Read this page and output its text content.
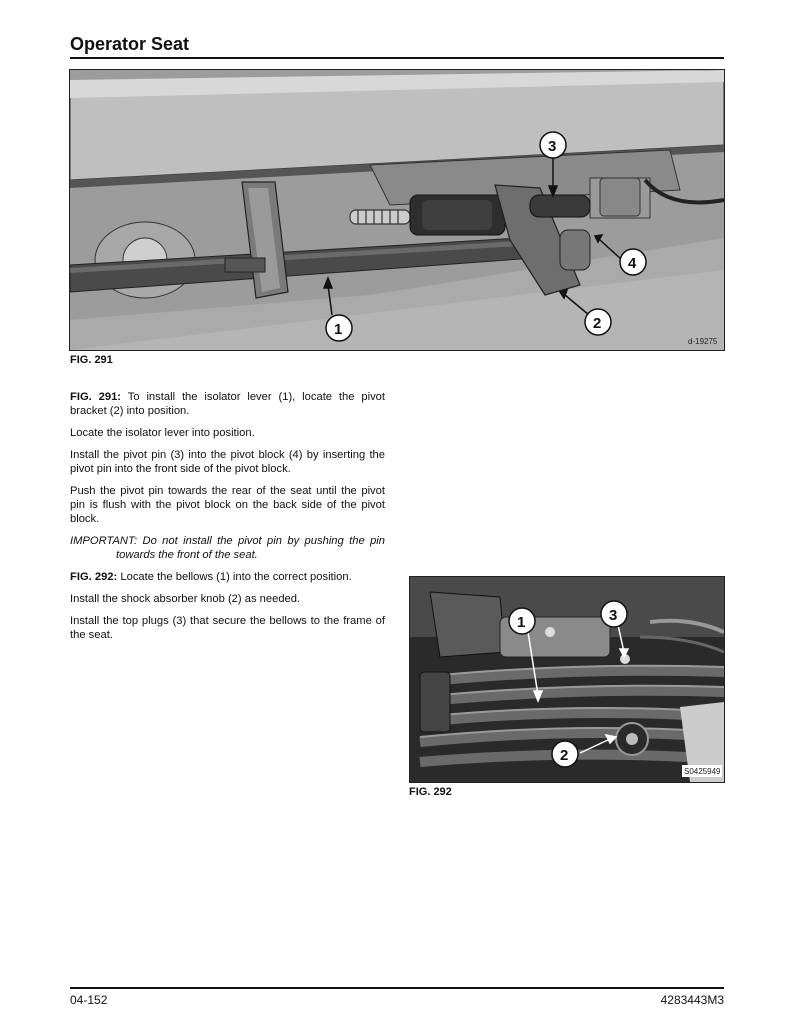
Operator Seat
1	2
3
4
d-19275
FIG. 291

FIG. 291: To install the isolator lever (1), locate the pivot bracket (2) into position.

Locate the isolator lever into position.

Install the pivot pin (3) into the pivot block (4) by inserting the pivot pin into the front side of the pivot block.

Push the pivot pin towards the rear of the seat until the pivot pin is flush with the pivot block on the back side of the pivot block.

IMPORTANT: Do not install the pivot pin by pushing the pin towards the front of the seat.

FIG. 292: Locate the bellows (1) into the correct position.

Install the shock absorber knob (2) as needed.

Install the top plugs (3) that secure the bellows to the frame of the seat.

1
2
3
S0425949
FIG. 292
04-152	4283443M3
